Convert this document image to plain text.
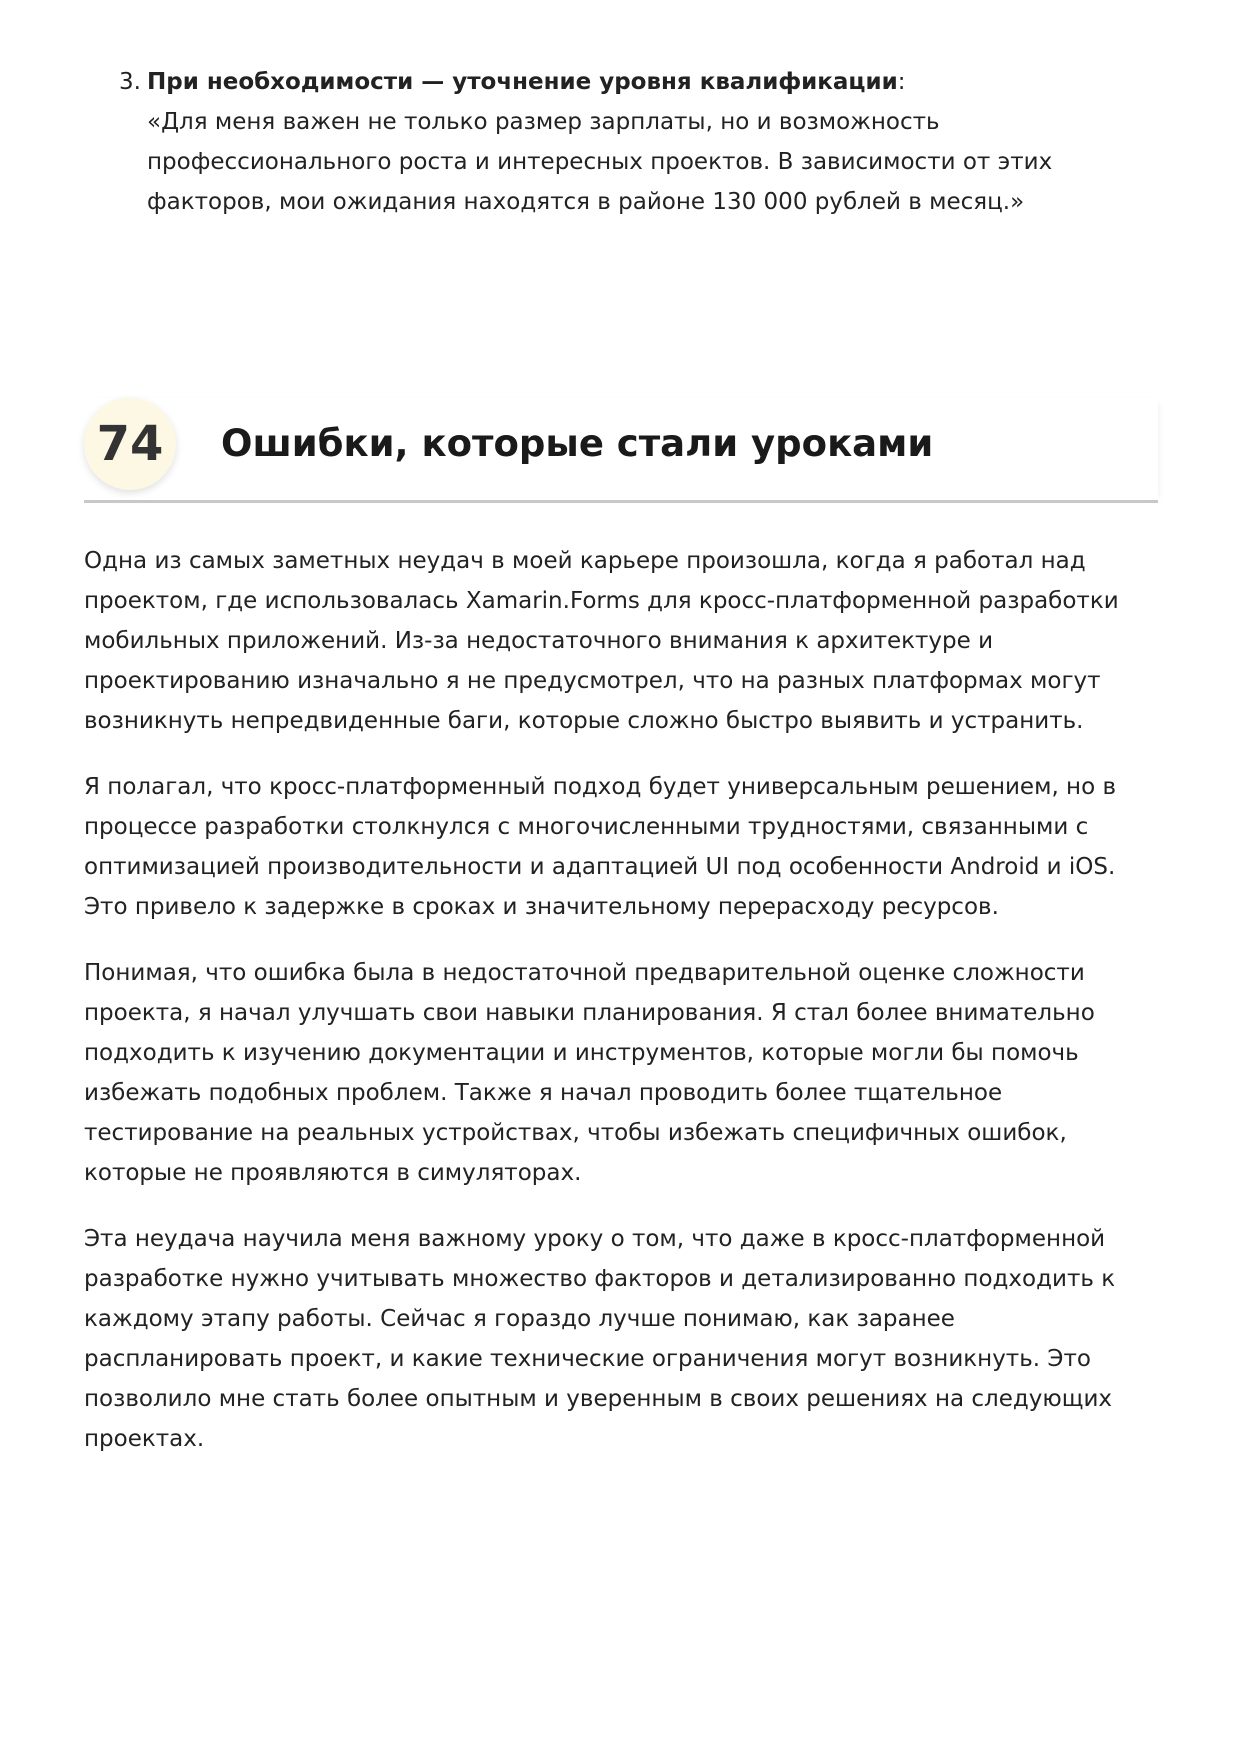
3. При необходимости — уточнение уровня квалификации:
«Для меня важен не только размер зарплаты, но и возможность профессионального роста и интересных проектов. В зависимости от этих факторов, мои ожидания находятся в районе 130 000 рублей в месяц.»
74	Ошибки, которые стали уроками

Одна из самых заметных неудач в моей карьере произошла, когда я работал над проектом, где использовалась Xamarin.Forms для кросс-платформенной разработки мобильных приложений. Из-за недостаточного внимания к архитектуре и проектированию изначально я не предусмотрел, что на разных платформах могут возникнуть непредвиденные баги, которые сложно быстро выявить и устранить.

Я полагал, что кросс-платформенный подход будет универсальным решением, но в процессе разработки столкнулся с многочисленными трудностями, связанными с оптимизацией производительности и адаптацией UI под особенности Android и iOS. Это привело к задержке в сроках и значительному перерасходу ресурсов.

Понимая, что ошибка была в недостаточной предварительной оценке сложности проекта, я начал улучшать свои навыки планирования. Я стал более внимательно подходить к изучению документации и инструментов, которые могли бы помочь избежать подобных проблем. Также я начал проводить более тщательное тестирование на реальных устройствах, чтобы избежать специфичных ошибок, которые не проявляются в симуляторах.

Эта неудача научила меня важному уроку о том, что даже в кросс-платформенной разработке нужно учитывать множество факторов и детализированно подходить к каждому этапу работы. Сейчас я гораздо лучше понимаю, как заранее распланировать проект, и какие технические ограничения могут возникнуть. Это позволило мне стать более опытным и уверенным в своих решениях на следующих проектах.
